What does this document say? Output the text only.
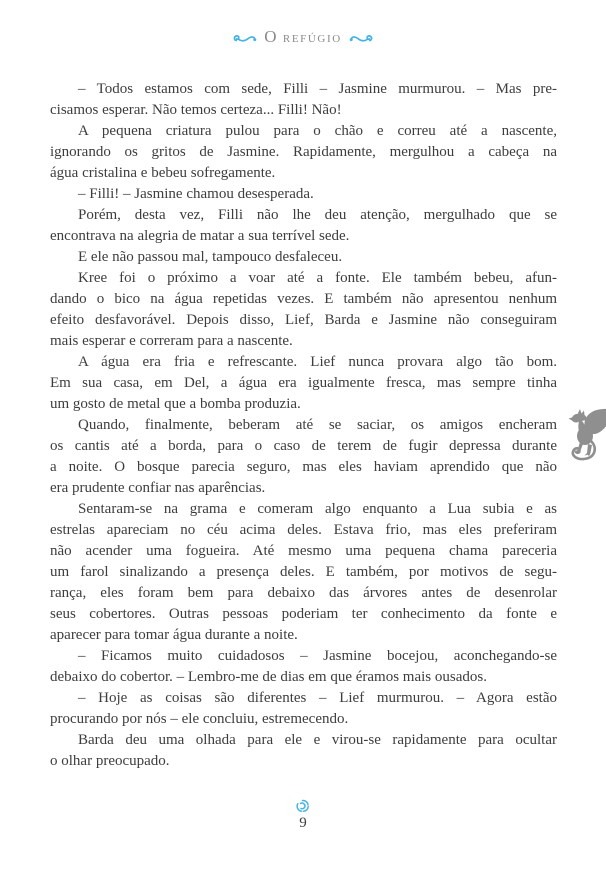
O REFÚGIO
– Todos estamos com sede, Filli – Jasmine murmurou. – Mas pre-
cisamos esperar. Não temos certeza... Filli! Não!
A pequena criatura pulou para o chão e correu até a nascente,
ignorando os gritos de Jasmine. Rapidamente, mergulhou a cabeça na
água cristalina e bebeu sofregamente.
– Filli! – Jasmine chamou desesperada.
Porém, desta vez, Filli não lhe deu atenção, mergulhado que se
encontrava na alegria de matar a sua terrível sede.
E ele não passou mal, tampouco desfaleceu.
Kree foi o próximo a voar até a fonte. Ele também bebeu, afun-
dando o bico na água repetidas vezes. E também não apresentou nenhum
efeito desfavorável. Depois disso, Lief, Barda e Jasmine não conseguiram
mais esperar e correram para a nascente.
A água era fria e refrescante. Lief nunca provara algo tão bom.
Em sua casa, em Del, a água era igualmente fresca, mas sempre tinha
um gosto de metal que a bomba produzia.
Quando, finalmente, beberam até se saciar, os amigos encheram
os cantis até a borda, para o caso de terem de fugir depressa durante
a noite. O bosque parecia seguro, mas eles haviam aprendido que não
era prudente confiar nas aparências.
Sentaram-se na grama e comeram algo enquanto a Lua subia e as
estrelas apareciam no céu acima deles. Estava frio, mas eles preferiram
não acender uma fogueira. Até mesmo uma pequena chama pareceria
um farol sinalizando a presença deles. E também, por motivos de segu-
rança, eles foram bem para debaixo das árvores antes de desenrolar
seus cobertores. Outras pessoas poderiam ter conhecimento da fonte e
aparecer para tomar água durante a noite.
– Ficamos muito cuidadosos – Jasmine bocejou, aconchegando-se
debaixo do cobertor. – Lembro-me de dias em que éramos mais ousados.
– Hoje as coisas são diferentes – Lief murmurou. – Agora estão
procurando por nós – ele concluiu, estremecendo.
Barda deu uma olhada para ele e virou-se rapidamente para ocultar
o olhar preocupado.
9
